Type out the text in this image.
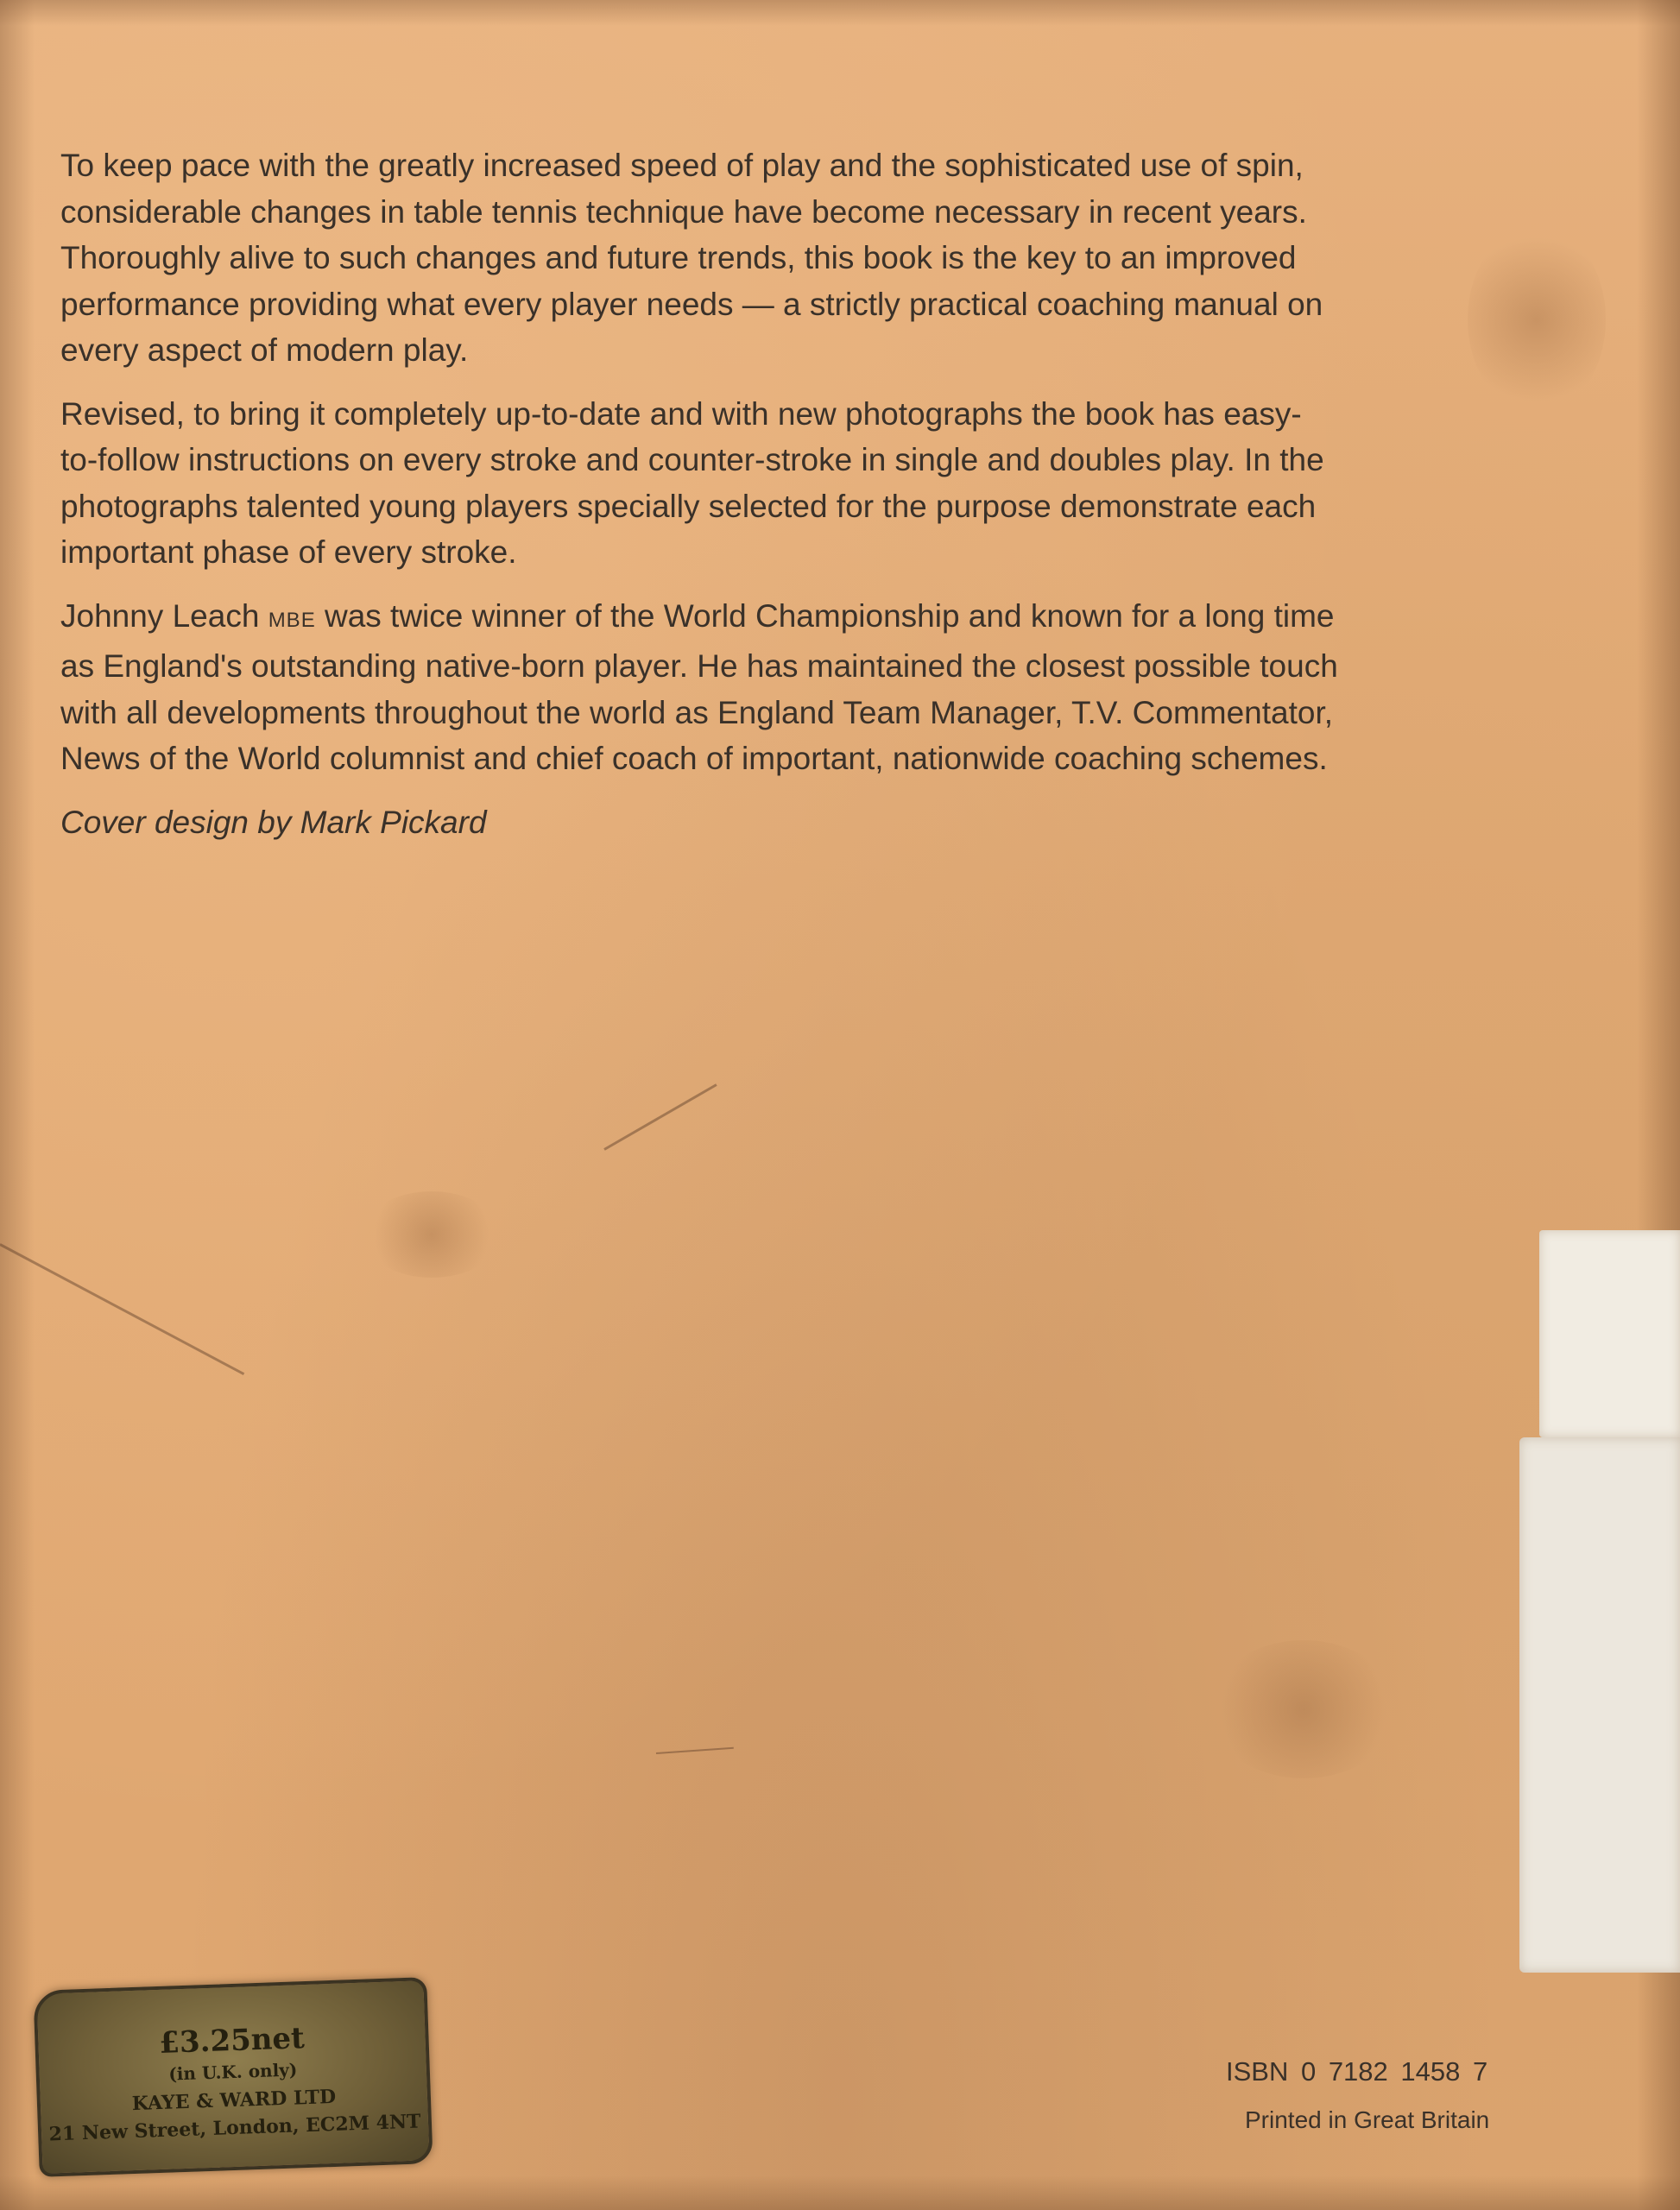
To keep pace with the greatly increased speed of play and the sophisticated use of spin, considerable changes in table tennis technique have become necessary in recent years. Thoroughly alive to such changes and future trends, this book is the key to an improved performance providing what every player needs — a strictly practical coaching manual on every aspect of modern play.

Revised, to bring it completely up-to-date and with new photographs the book has easy-to-follow instructions on every stroke and counter-stroke in single and doubles play. In the photographs talented young players specially selected for the purpose demonstrate each important phase of every stroke.

Johnny Leach MBE was twice winner of the World Championship and known for a long time as England's outstanding native-born player. He has maintained the closest possible touch with all developments throughout the world as England Team Manager, T.V. Commentator, News of the World columnist and chief coach of important, nationwide coaching schemes.

Cover design by Mark Pickard

£3.25net
(in U.K. only)
KAYE & WARD LTD
21 New Street, London, EC2M 4NT
ISBN 0 7182 1458 7
Printed in Great Britain
